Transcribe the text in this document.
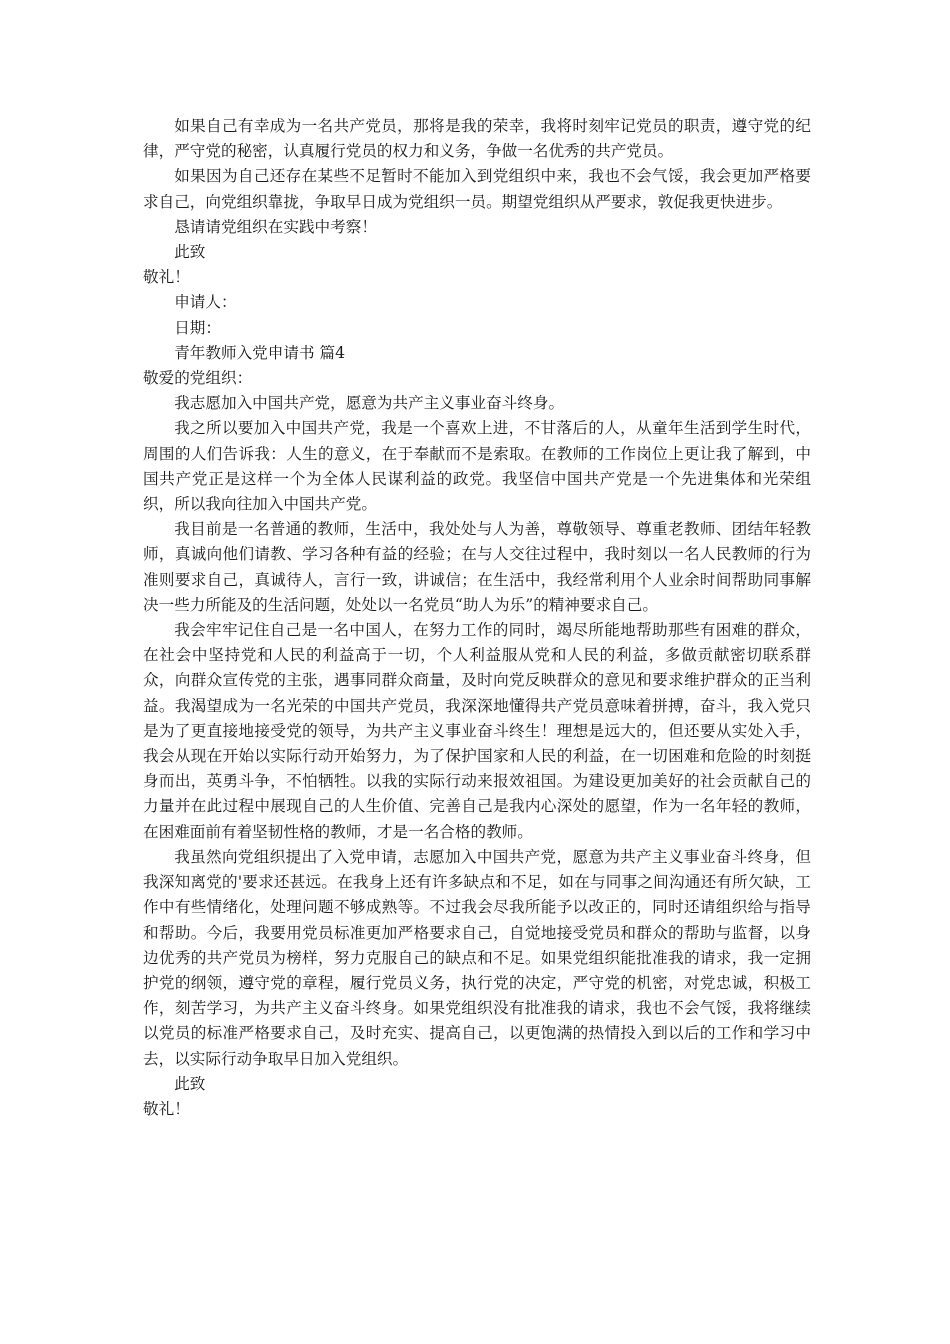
如果自己有幸成为一名共产党员，那将是我的荣幸，我将时刻牢记党员的职责，遵守党的纪律，严守党的秘密，认真履行党员的权力和义务，争做一名优秀的共产党员。

如果因为自己还存在某些不足暂时不能加入到党组织中来，我也不会气馁，我会更加严格要求自己，向党组织靠拢，争取早日成为党组织一员。期望党组织从严要求，敦促我更快进步。

恳请请党组织在实践中考察！

此致

敬礼！

申请人：

日期：

青年教师入党申请书 篇4

敬爱的党组织：

我志愿加入中国共产党，愿意为共产主义事业奋斗终身。

我之所以要加入中国共产党，我是一个喜欢上进，不甘落后的人，从童年生活到学生时代，周围的人们告诉我：人生的意义，在于奉献而不是索取。在教师的工作岗位上更让我了解到，中国共产党正是这样一个为全体人民谋利益的政党。我坚信中国共产党是一个先进集体和光荣组织，所以我向往加入中国共产党。

我目前是一名普通的教师，生活中，我处处与人为善，尊敬领导、尊重老教师、团结年轻教师，真诚向他们请教、学习各种有益的经验；在与人交往过程中，我时刻以一名人民教师的行为准则要求自己，真诚待人，言行一致，讲诚信；在生活中，我经常利用个人业余时间帮助同事解决一些力所能及的生活问题，处处以一名党员“助人为乐”的精神要求自己。

我会牢牢记住自己是一名中国人，在努力工作的同时，竭尽所能地帮助那些有困难的群众，在社会中坚持党和人民的利益高于一切，个人利益服从党和人民的利益，多做贡献密切联系群众，向群众宣传党的主张，遇事同群众商量，及时向党反映群众的意见和要求维护群众的正当利益。我渴望成为一名光荣的中国共产党员，我深深地懂得共产党员意味着拼搏，奋斗，我入党只是为了更直接地接受党的领导，为共产主义事业奋斗终生！理想是远大的，但还要从实处入手，我会从现在开始以实际行动开始努力，为了保护国家和人民的利益，在一切困难和危险的时刻挺身而出，英勇斗争，不怕牺牲。以我的实际行动来报效祖国。为建设更加美好的社会贡献自己的力量并在此过程中展现自己的人生价值、完善自己是我内心深处的愿望，作为一名年轻的教师，在困难面前有着坚韧性格的教师，才是一名合格的教师。

我虽然向党组织提出了入党申请，志愿加入中国共产党，愿意为共产主义事业奋斗终身，但我深知离党的'要求还甚远。在我身上还有许多缺点和不足，如在与同事之间沟通还有所欠缺，工作中有些情绪化，处理问题不够成熟等。不过我会尽我所能予以改正的，同时还请组织给与指导和帮助。今后，我要用党员标准更加严格要求自己，自觉地接受党员和群众的帮助与监督，以身边优秀的共产党员为榜样，努力克服自己的缺点和不足。如果党组织能批准我的请求，我一定拥护党的纲领，遵守党的章程，履行党员义务，执行党的决定，严守党的机密，对党忠诚，积极工作，刻苦学习，为共产主义奋斗终身。如果党组织没有批准我的请求，我也不会气馁，我将继续以党员的标准严格要求自己，及时充实、提高自己，以更饱满的热情投入到以后的工作和学习中去，以实际行动争取早日加入党组织。

此致

敬礼！
